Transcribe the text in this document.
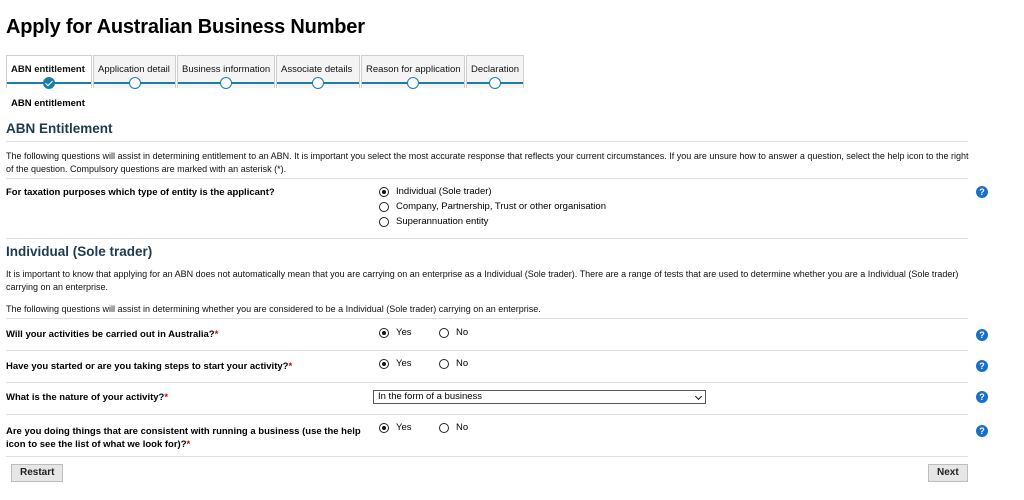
Apply for Australian Business Number
ABN entitlement Application detail Business information Associate details Reason for application Declaration
ABN entitlement
ABN Entitlement
The following questions will assist in determining entitlement to an ABN. It is important you select the most accurate response that reflects your current circumstances. If you are unsure how to answer a question, select the help icon to the right of the question. Compulsory questions are marked with an asterisk (*).
For taxation purposes which type of entity is the applicant?	Individual (Sole trader)
Company, Partnership, Trust or other organisation
Superannuation entity
?
Individual (Sole trader)
It is important to know that applying for an ABN does not automatically mean that you are carrying on an enterprise as a Individual (Sole trader). There are a range of tests that are used to determine whether you are a Individual (Sole trader) carrying on an enterprise.
The following questions will assist in determining whether you are considered to be a Individual (Sole trader) carrying on an enterprise.
Will your activities be carried out in Australia?*	Yes	No	?
Have you started or are you taking steps to start your activity?*	Yes	No	?
What is the nature of your activity?*	In the form of a business	?
Are you doing things that are consistent with running a business (use the help icon to see the list of what we look for)?*
Yes	No	?
Restart	Next
